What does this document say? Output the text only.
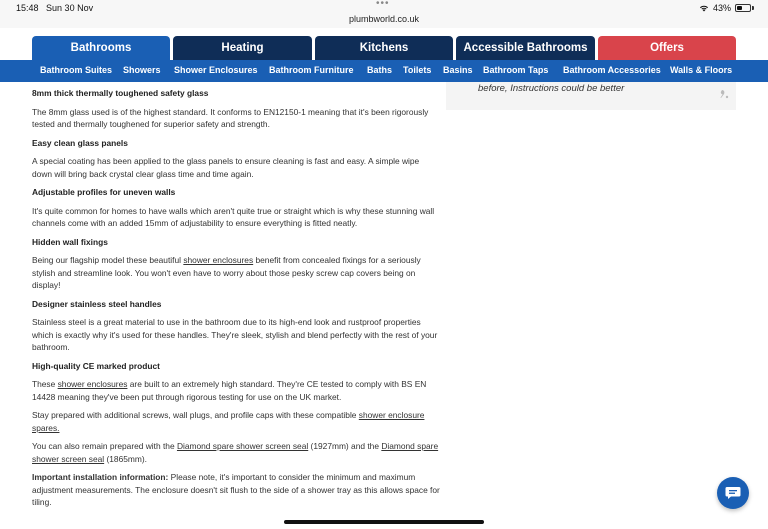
15:48 Sun 30 Nov	•••
plumbworld.co.uk
43%
Bathrooms	Heating	Kitchens	Accessible Bathrooms	Offers
Bathroom Suites Showers Shower Enclosures Bathroom Furniture Baths Toilets Basins Bathroom Taps Bathroom Accessories Walls & Floors
before, Instructions could be better
8mm thick thermally toughened safety glass

The 8mm glass used is of the highest standard. It conforms to EN12150-1 meaning that it's been rigorously tested and thermally toughened for superior safety and strength.

Easy clean glass panels

A special coating has been applied to the glass panels to ensure cleaning is fast and easy. A simple wipe down will bring back crystal clear glass time and time again.

Adjustable profiles for uneven walls

It's quite common for homes to have walls which aren't quite true or straight which is why these stunning wall channels come with an added 15mm of adjustability to ensure everything is fitted neatly.

Hidden wall fixings

Being our flagship model these beautiful shower enclosures benefit from concealed fixings for a seriously stylish and streamline look. You won't even have to worry about those pesky screw cap covers being on display!

Designer stainless steel handles

Stainless steel is a great material to use in the bathroom due to its high-end look and rustproof properties which is exactly why it's used for these handles. They're sleek, stylish and blend perfectly with the rest of your bathroom.

High-quality CE marked product

These shower enclosures are built to an extremely high standard. They're CE tested to comply with BS EN 14428 meaning they've been put through rigorous testing for use on the UK market.

Stay prepared with additional screws, wall plugs, and profile caps with these compatible shower enclosure spares.

You can also remain prepared with the Diamond spare shower screen seal (1927mm) and the Diamond spare shower screen seal (1865mm).

Important installation information: Please note, it's important to consider the minimum and maximum adjustment measurements. The enclosure doesn't sit flush to the side of a shower tray as this allows space for tiling.
